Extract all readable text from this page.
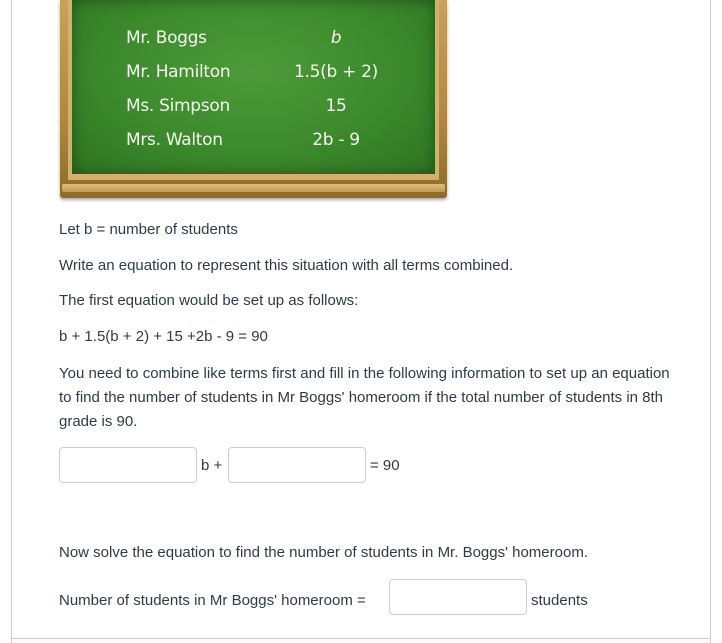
Mr. Boggs	b
Mr. Hamilton	1.5(b + 2)
Ms. Simpson	15
Mrs. Walton	2b - 9
Let b = number of students
Write an equation to represent this situation with all terms combined.
The first equation would be set up as follows:
b + 1.5(b + 2) + 15 +2b - 9 = 90
You need to combine like terms first and fill in the following information to set up an equation to find the number of students in Mr Boggs' homeroom if the total number of students in 8th grade is 90.
b +	= 90
Now solve the equation to find the number of students in Mr. Boggs' homeroom.
Number of students in Mr Boggs' homeroom =	students
